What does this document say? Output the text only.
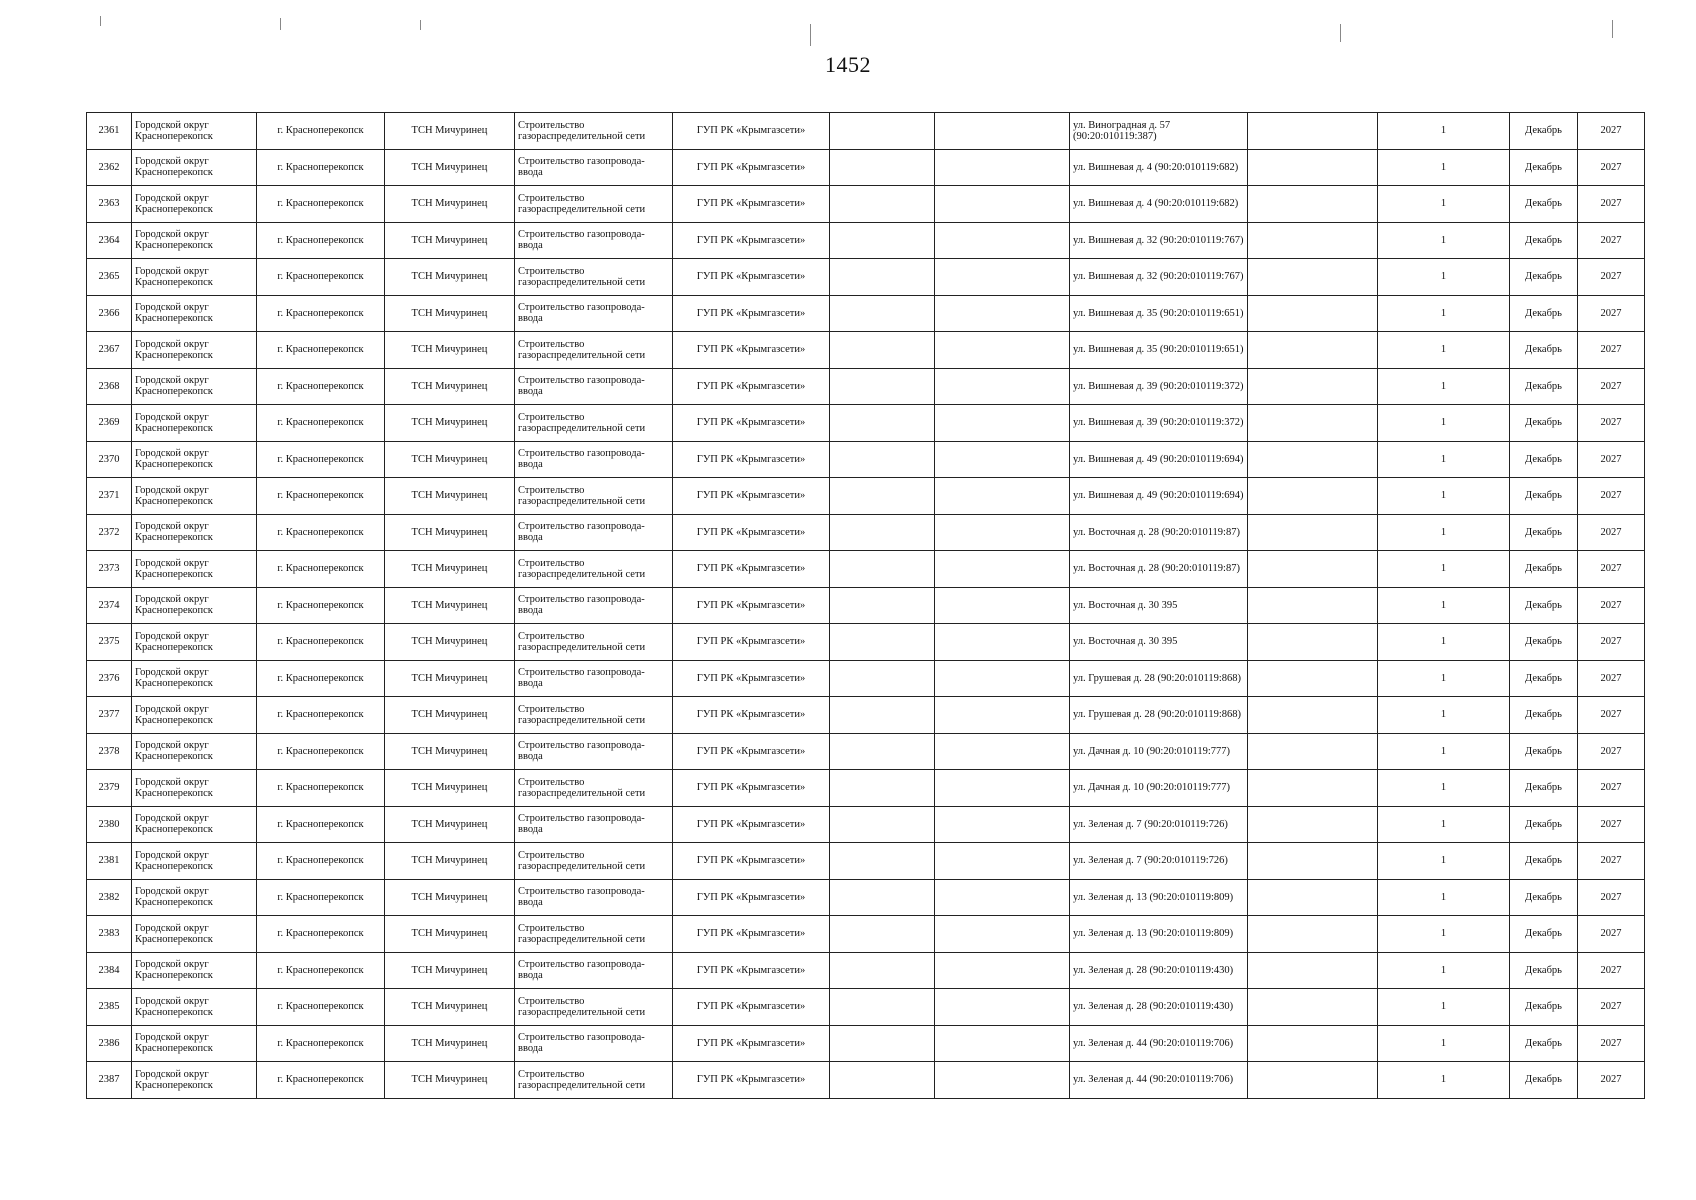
1452
2361	Городской округ Красноперекопск	г. Красноперекопск	ТСН Мичуринец	Строительство газораспределительной сети	ГУП РК «Крымгазсети»			ул. Виноградная д. 57 (90:20:010119:387)		1	Декабрь	2027
2362	Городской округ Красноперекопск	г. Красноперекопск	ТСН Мичуринец	Строительство газопровода-ввода	ГУП РК «Крымгазсети»			ул. Вишневая д. 4 (90:20:010119:682)		1	Декабрь	2027
2363	Городской округ Красноперекопск	г. Красноперекопск	ТСН Мичуринец	Строительство газораспределительной сети	ГУП РК «Крымгазсети»			ул. Вишневая д. 4 (90:20:010119:682)		1	Декабрь	2027
2364	Городской округ Красноперекопск	г. Красноперекопск	ТСН Мичуринец	Строительство газопровода-ввода	ГУП РК «Крымгазсети»			ул. Вишневая д. 32 (90:20:010119:767)		1	Декабрь	2027
2365	Городской округ Красноперекопск	г. Красноперекопск	ТСН Мичуринец	Строительство газораспределительной сети	ГУП РК «Крымгазсети»			ул. Вишневая д. 32 (90:20:010119:767)		1	Декабрь	2027
2366	Городской округ Красноперекопск	г. Красноперекопск	ТСН Мичуринец	Строительство газопровода-ввода	ГУП РК «Крымгазсети»			ул. Вишневая д. 35 (90:20:010119:651)		1	Декабрь	2027
2367	Городской округ Красноперекопск	г. Красноперекопск	ТСН Мичуринец	Строительство газораспределительной сети	ГУП РК «Крымгазсети»			ул. Вишневая д. 35 (90:20:010119:651)		1	Декабрь	2027
2368	Городской округ Красноперекопск	г. Красноперекопск	ТСН Мичуринец	Строительство газопровода-ввода	ГУП РК «Крымгазсети»			ул. Вишневая д. 39 (90:20:010119:372)		1	Декабрь	2027
2369	Городской округ Красноперекопск	г. Красноперекопск	ТСН Мичуринец	Строительство газораспределительной сети	ГУП РК «Крымгазсети»			ул. Вишневая д. 39 (90:20:010119:372)		1	Декабрь	2027
2370	Городской округ Красноперекопск	г. Красноперекопск	ТСН Мичуринец	Строительство газопровода-ввода	ГУП РК «Крымгазсети»			ул. Вишневая д. 49 (90:20:010119:694)		1	Декабрь	2027
2371	Городской округ Красноперекопск	г. Красноперекопск	ТСН Мичуринец	Строительство газораспределительной сети	ГУП РК «Крымгазсети»			ул. Вишневая д. 49 (90:20:010119:694)		1	Декабрь	2027
2372	Городской округ Красноперекопск	г. Красноперекопск	ТСН Мичуринец	Строительство газопровода-ввода	ГУП РК «Крымгазсети»			ул. Восточная д. 28 (90:20:010119:87)		1	Декабрь	2027
2373	Городской округ Красноперекопск	г. Красноперекопск	ТСН Мичуринец	Строительство газораспределительной сети	ГУП РК «Крымгазсети»			ул. Восточная д. 28 (90:20:010119:87)		1	Декабрь	2027
2374	Городской округ Красноперекопск	г. Красноперекопск	ТСН Мичуринец	Строительство газопровода-ввода	ГУП РК «Крымгазсети»			ул. Восточная д. 30 395		1	Декабрь	2027
2375	Городской округ Красноперекопск	г. Красноперекопск	ТСН Мичуринец	Строительство газораспределительной сети	ГУП РК «Крымгазсети»			ул. Восточная д. 30 395		1	Декабрь	2027
2376	Городской округ Красноперекопск	г. Красноперекопск	ТСН Мичуринец	Строительство газопровода-ввода	ГУП РК «Крымгазсети»			ул. Грушевая д. 28 (90:20:010119:868)		1	Декабрь	2027
2377	Городской округ Красноперекопск	г. Красноперекопск	ТСН Мичуринец	Строительство газораспределительной сети	ГУП РК «Крымгазсети»			ул. Грушевая д. 28 (90:20:010119:868)		1	Декабрь	2027
2378	Городской округ Красноперекопск	г. Красноперекопск	ТСН Мичуринец	Строительство газопровода-ввода	ГУП РК «Крымгазсети»			ул. Дачная д. 10 (90:20:010119:777)		1	Декабрь	2027
2379	Городской округ Красноперекопск	г. Красноперекопск	ТСН Мичуринец	Строительство газораспределительной сети	ГУП РК «Крымгазсети»			ул. Дачная д. 10 (90:20:010119:777)		1	Декабрь	2027
2380	Городской округ Красноперекопск	г. Красноперекопск	ТСН Мичуринец	Строительство газопровода-ввода	ГУП РК «Крымгазсети»			ул. Зеленая д. 7 (90:20:010119:726)		1	Декабрь	2027
2381	Городской округ Красноперекопск	г. Красноперекопск	ТСН Мичуринец	Строительство газораспределительной сети	ГУП РК «Крымгазсети»			ул. Зеленая д. 7 (90:20:010119:726)		1	Декабрь	2027
2382	Городской округ Красноперекопск	г. Красноперекопск	ТСН Мичуринец	Строительство газопровода-ввода	ГУП РК «Крымгазсети»			ул. Зеленая д. 13 (90:20:010119:809)		1	Декабрь	2027
2383	Городской округ Красноперекопск	г. Красноперекопск	ТСН Мичуринец	Строительство газораспределительной сети	ГУП РК «Крымгазсети»			ул. Зеленая д. 13 (90:20:010119:809)		1	Декабрь	2027
2384	Городской округ Красноперекопск	г. Красноперекопск	ТСН Мичуринец	Строительство газопровода-ввода	ГУП РК «Крымгазсети»			ул. Зеленая д. 28 (90:20:010119:430)		1	Декабрь	2027
2385	Городской округ Красноперекопск	г. Красноперекопск	ТСН Мичуринец	Строительство газораспределительной сети	ГУП РК «Крымгазсети»			ул. Зеленая д. 28 (90:20:010119:430)		1	Декабрь	2027
2386	Городской округ Красноперекопск	г. Красноперекопск	ТСН Мичуринец	Строительство газопровода-ввода	ГУП РК «Крымгазсети»			ул. Зеленая д. 44 (90:20:010119:706)		1	Декабрь	2027
2387	Городской округ Красноперекопск	г. Красноперекопск	ТСН Мичуринец	Строительство газораспределительной сети	ГУП РК «Крымгазсети»			ул. Зеленая д. 44 (90:20:010119:706)		1	Декабрь	2027
